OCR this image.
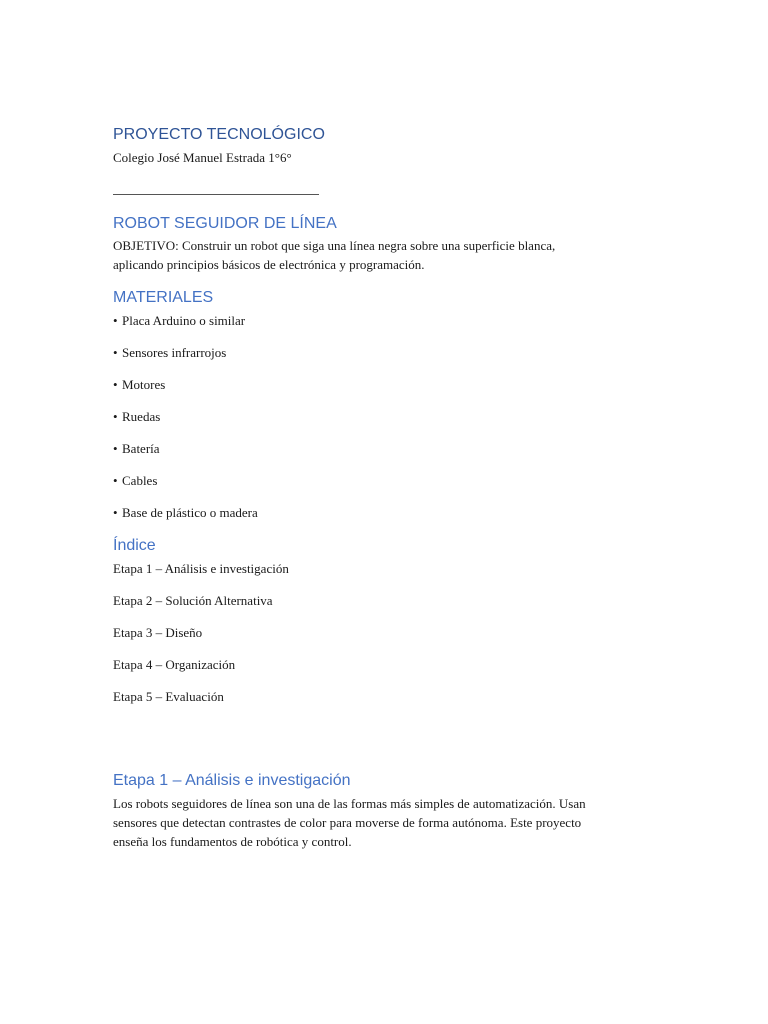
PROYECTO TECNOLÓGICO

Colegio José Manuel Estrada 1°6°

ROBOT SEGUIDOR DE LÍNEA

OBJETIVO: Construir un robot que siga una línea negra sobre una superficie blanca,

aplicando principios básicos de electrónica y programación.

MATERIALES
• Placa Arduino o similar
• Sensores infrarrojos
• Motores
• Ruedas
• Batería
• Cables
• Base de plástico o madera
Índice
Etapa 1 – Análisis e investigación
Etapa 2 – Solución Alternativa
Etapa 3 – Diseño
Etapa 4 – Organización
Etapa 5 – Evaluación
Etapa 1 – Análisis e investigación

Los robots seguidores de línea son una de las formas más simples de automatización. Usan

sensores que detectan contrastes de color para moverse de forma autónoma. Este proyecto

enseña los fundamentos de robótica y control.
